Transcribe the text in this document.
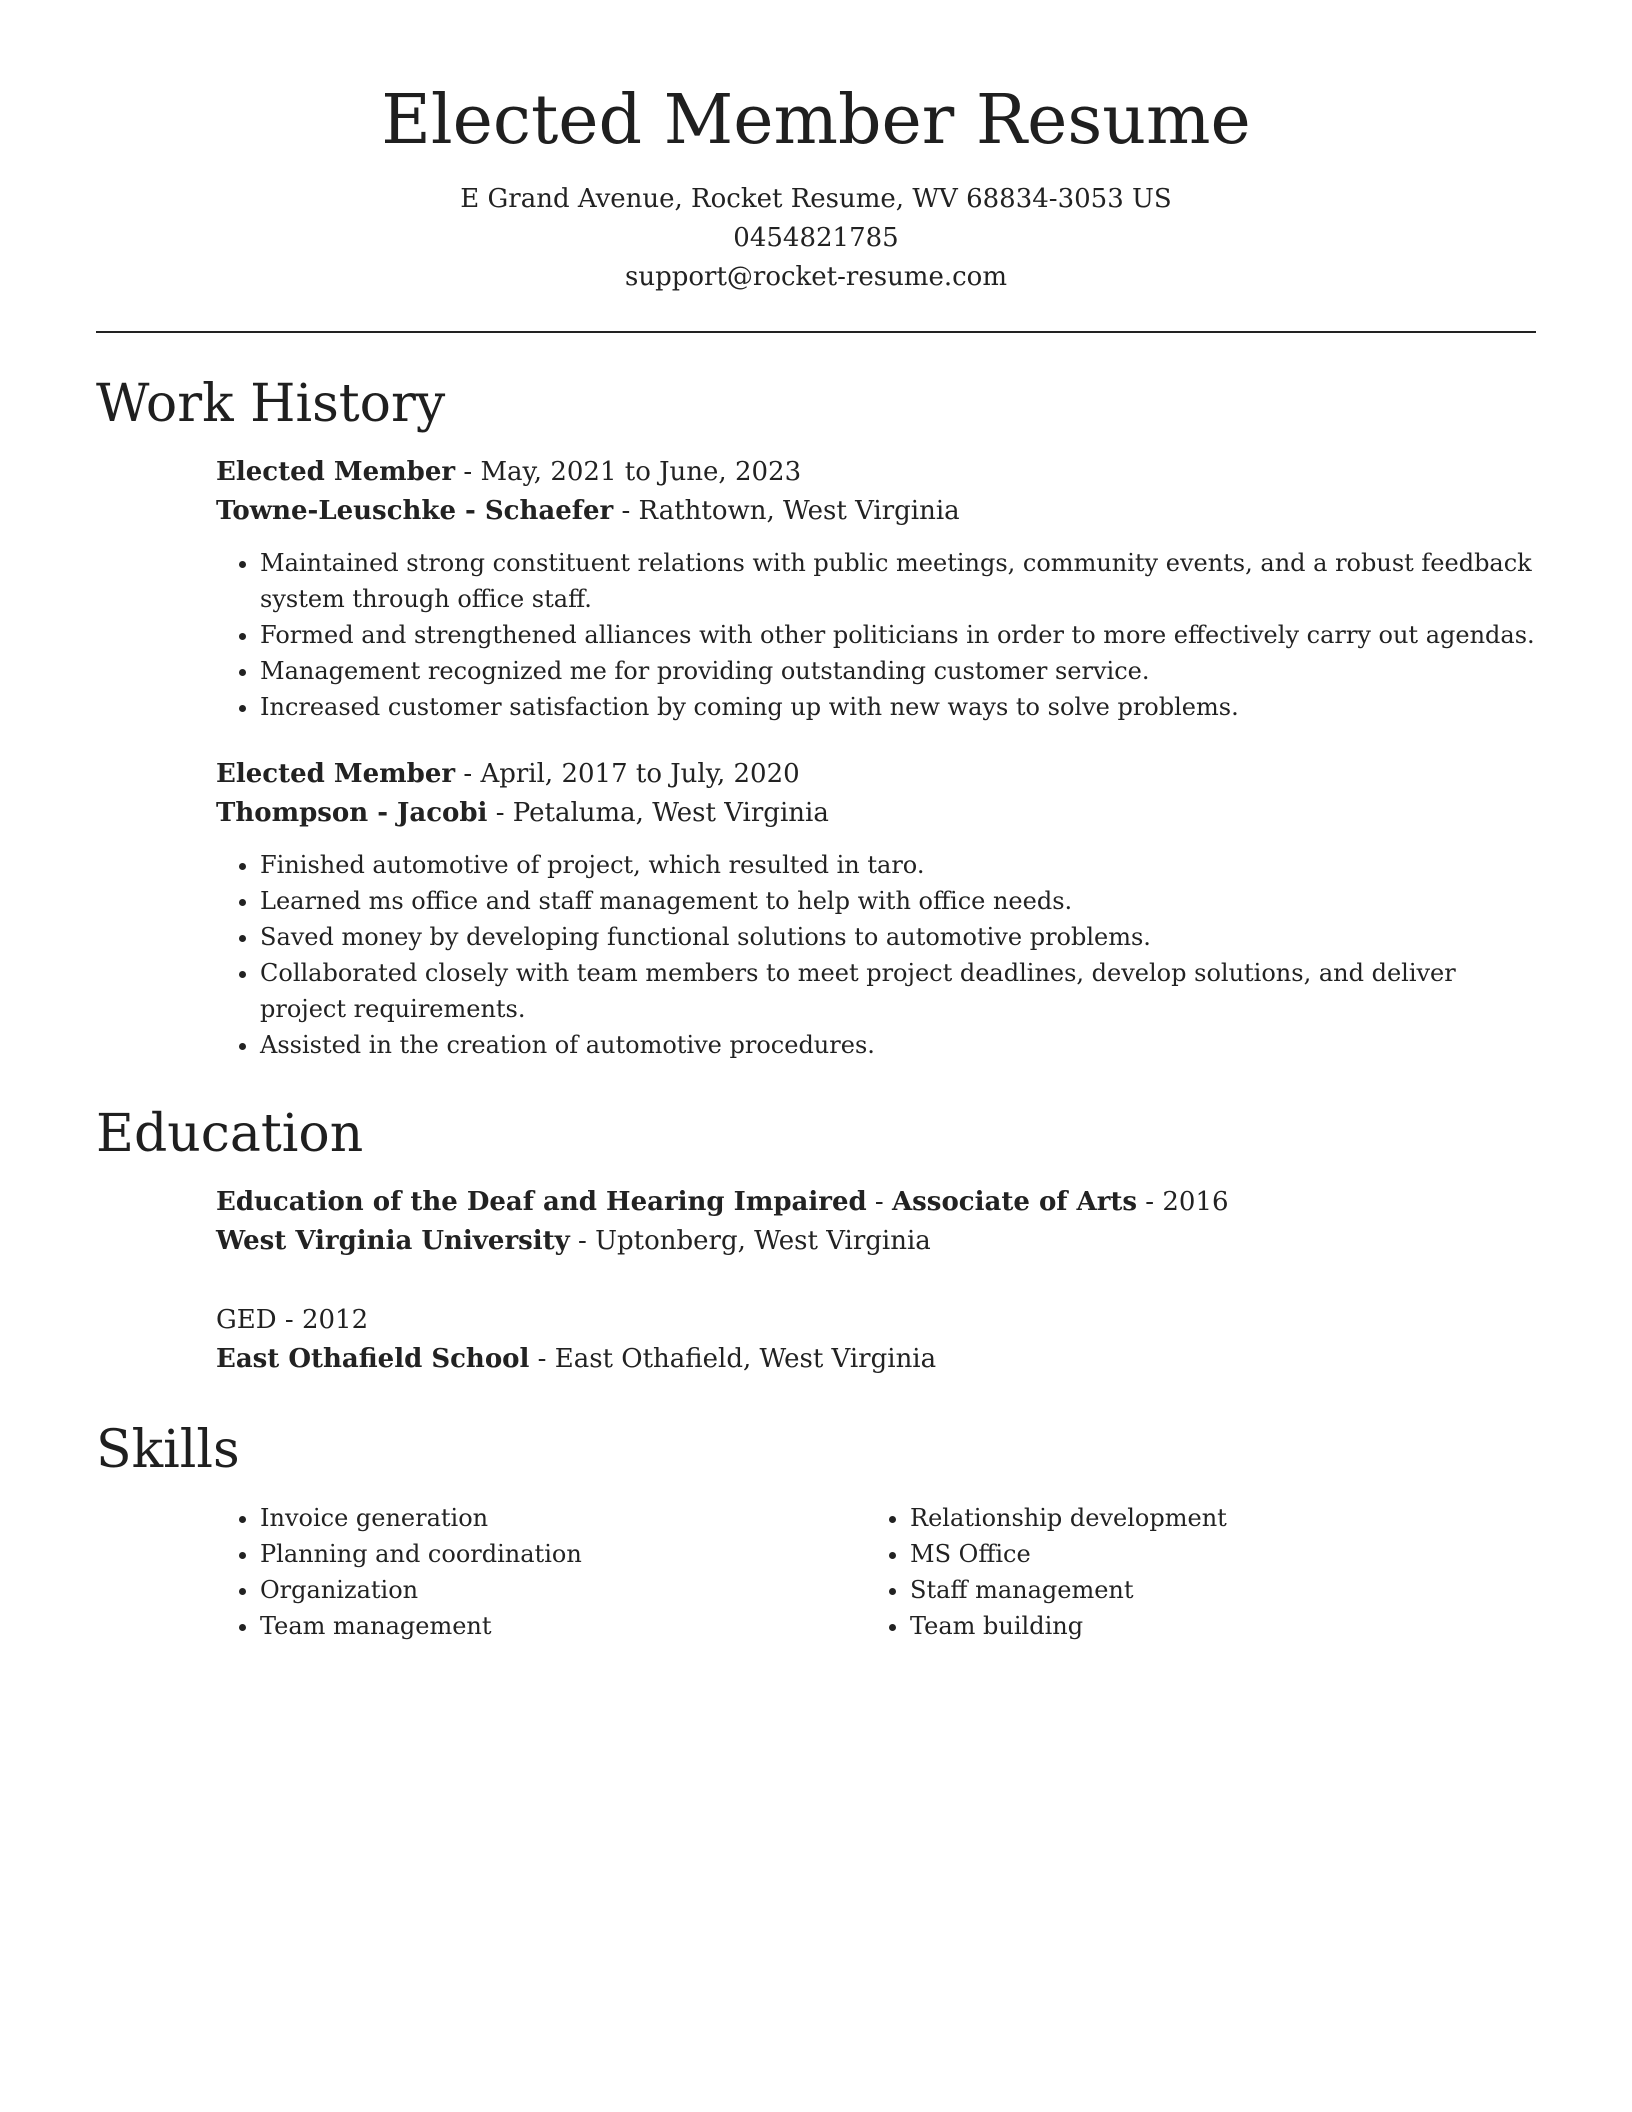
Elected Member Resume
E Grand Avenue, Rocket Resume, WV 68834-3053 US
0454821785
support@rocket-resume.com
Work History
Elected Member - May, 2021 to June, 2023
Towne-Leuschke - Schaefer - Rathtown, West Virginia
• Maintained strong constituent relations with public meetings, community events, and a robust feedback system through office staff.
• Formed and strengthened alliances with other politicians in order to more effectively carry out agendas.
• Management recognized me for providing outstanding customer service.
• Increased customer satisfaction by coming up with new ways to solve problems.
Elected Member - April, 2017 to July, 2020
Thompson - Jacobi - Petaluma, West Virginia
• Finished automotive of project, which resulted in taro.
• Learned ms office and staff management to help with office needs.
• Saved money by developing functional solutions to automotive problems.
• Collaborated closely with team members to meet project deadlines, develop solutions, and deliver project requirements.
• Assisted in the creation of automotive procedures.
Education
Education of the Deaf and Hearing Impaired - Associate of Arts - 2016
West Virginia University - Uptonberg, West Virginia
GED - 2012
East Othafield School - East Othafield, West Virginia
Skills
• Invoice generation
• Planning and coordination
• Organization
• Team management
• Relationship development
• MS Office
• Staff management
• Team building
